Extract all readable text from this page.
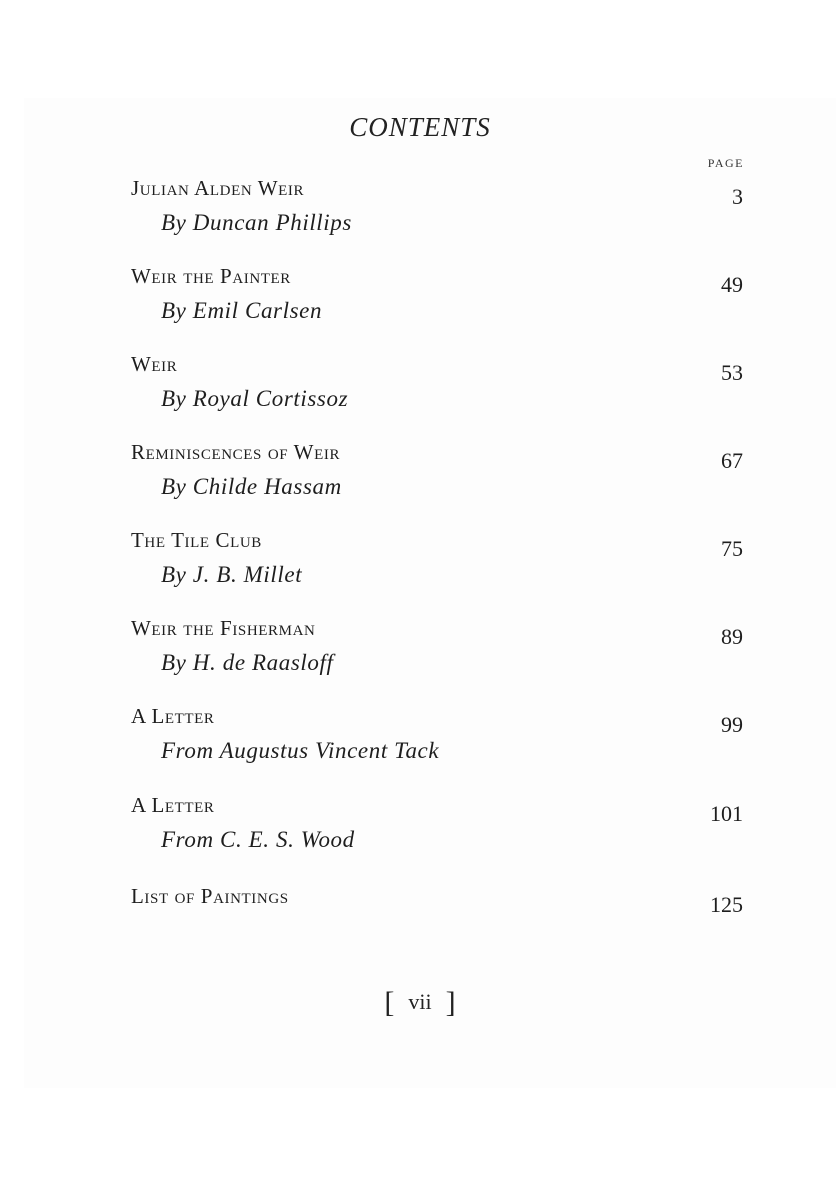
CONTENTS
PAGE
Julian Alden Weir
By Duncan Phillips
3
Weir the Painter
By Emil Carlsen
49
Weir
By Royal Cortissoz
53
Reminiscences of Weir
By Childe Hassam
67
The Tile Club
By J. B. Millet
75
Weir the Fisherman
By H. de Raasloff
89
A Letter
From Augustus Vincent Tack
99
A Letter
From C. E. S. Wood
101
List of Paintings	125
[ vii ]
